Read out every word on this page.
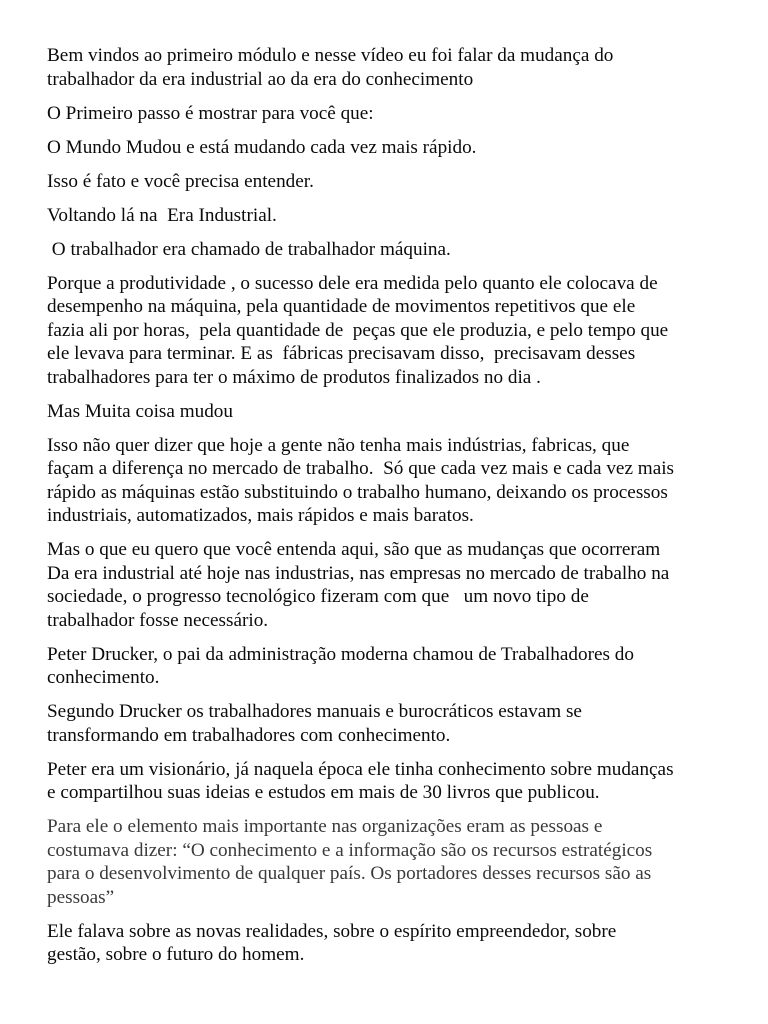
Bem vindos ao primeiro módulo e nesse vídeo eu foi falar da mudança do
trabalhador da era industrial ao da era do conhecimento

O Primeiro passo é mostrar para você que:

O Mundo Mudou e está mudando cada vez mais rápido.

Isso é fato e você precisa entender.

Voltando lá na  Era Industrial.

O trabalhador era chamado de trabalhador máquina.

Porque a produtividade , o sucesso dele era medida pelo quanto ele colocava de
desempenho na máquina, pela quantidade de movimentos repetitivos que ele
fazia ali por horas,  pela quantidade de  peças que ele produzia, e pelo tempo que
ele levava para terminar. E as  fábricas precisavam disso,  precisavam desses
trabalhadores para ter o máximo de produtos finalizados no dia .

Mas Muita coisa mudou

Isso não quer dizer que hoje a gente não tenha mais indústrias, fabricas, que
façam a diferença no mercado de trabalho.  Só que cada vez mais e cada vez mais
rápido as máquinas estão substituindo o trabalho humano, deixando os processos
industriais, automatizados, mais rápidos e mais baratos.

Mas o que eu quero que você entenda aqui, são que as mudanças que ocorreram
Da era industrial até hoje nas industrias, nas empresas no mercado de trabalho na
sociedade, o progresso tecnológico fizeram com que   um novo tipo de
trabalhador fosse necessário.

Peter Drucker, o pai da administração moderna chamou de Trabalhadores do
conhecimento.

Segundo Drucker os trabalhadores manuais e burocráticos estavam se
transformando em trabalhadores com conhecimento.

Peter era um visionário, já naquela época ele tinha conhecimento sobre mudanças
e compartilhou suas ideias e estudos em mais de 30 livros que publicou.

Para ele o elemento mais importante nas organizações eram as pessoas e
costumava dizer: “O conhecimento e a informação são os recursos estratégicos
para o desenvolvimento de qualquer país. Os portadores desses recursos são as
pessoas”

Ele falava sobre as novas realidades, sobre o espírito empreendedor, sobre
gestão, sobre o futuro do homem.
